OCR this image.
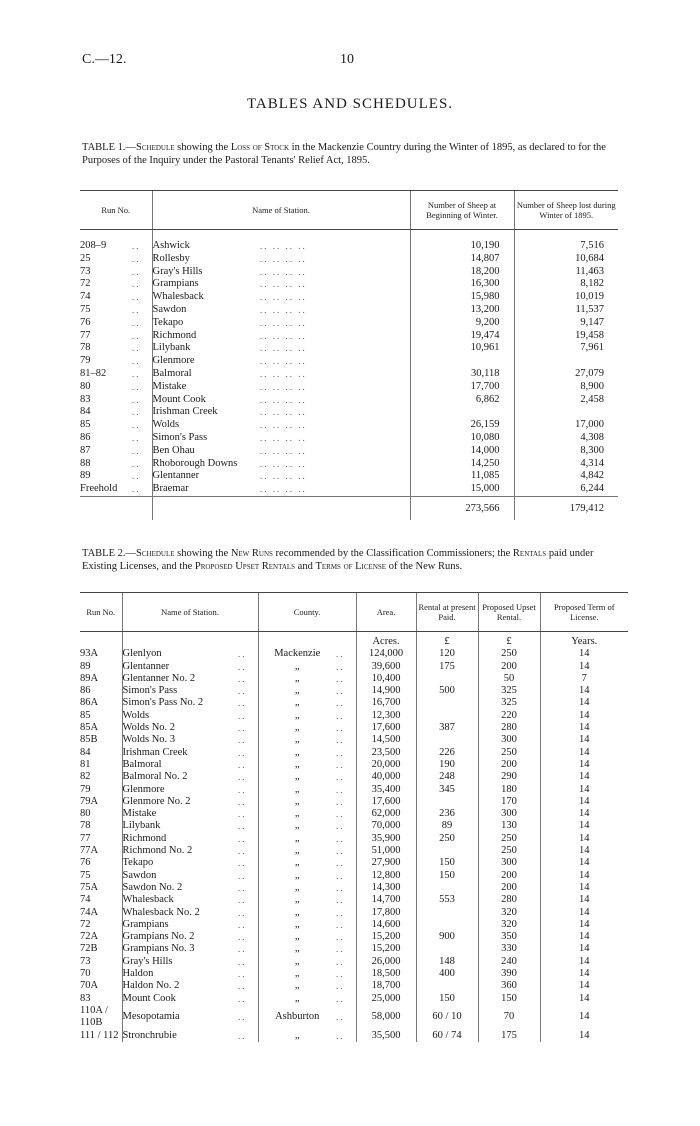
C.—12.	10
TABLES AND SCHEDULES.
TABLE 1.—Schedule showing the Loss of Stock in the Mackenzie Country during the Winter of 1895, as declared to for the Purposes of the Inquiry under the Pastoral Tenants' Relief Act, 1895.
Run No.		Name of Station.		Number of Sheep at Beginning of Winter.	Number of Sheep lost during Winter of 1895.

208–9	..	Ashwick	.. .. .. ..	10,190	7,516
25	..	Rollesby	.. .. .. ..	14,807	10,684
73	..	Gray's Hills	.. .. .. ..	18,200	11,463
72	..	Grampians	.. .. .. ..	16,300	8,182
74	..	Whalesback	.. .. .. ..	15,980	10,019
75	..	Sawdon	.. .. .. ..	13,200	11,537
76	..	Tekapo	.. .. .. ..	9,200	9,147
77	..	Richmond	.. .. .. ..	19,474	19,458
78	..	Lilybank	.. .. .. ..	10,961	7,961
79	..	Glenmore	.. .. .. ..		
81–82	..	Balmoral	.. .. .. ..	30,118	27,079
80	..	Mistake	.. .. .. ..	17,700	8,900
83	..	Mount Cook	.. .. .. ..	6,862	2,458
84	..	Irishman Creek	.. .. .. ..		
85	..	Wolds	.. .. .. ..	26,159	17,000
86	..	Simon's Pass	.. .. .. ..	10,080	4,308
87	..	Ben Ohau	.. .. .. ..	14,000	8,300
88	..	Rhoborough Downs	.. .. .. ..	14,250	4,314
89	..	Glentanner	.. .. .. ..	11,085	4,842
Freehold	..	Braemar	.. .. .. ..	15,000	6,244
				273,566	179,412
TABLE 2.—Schedule showing the New Runs recommended by the Classification Commissioners; the Rentals paid under Existing Licenses, and the Proposed Upset Rentals and Terms of License of the New Runs.
Run No.	Name of Station.		County.		Area.	Rental at present Paid.	Proposed Upset Rental.	Proposed Term of License.
					Acres.	£	£	Years.
93A	Glenlyon	..	Mackenzie	..	124,000	120	250	14
89	Glentanner	..	„	..	39,600	175	200	14
89A	Glentanner No. 2	..	„	..	10,400		50	7
86	Simon's Pass	..	„	..	14,900	500	325	14
86A	Simon's Pass No. 2	..	„	..	16,700		325	14
85	Wolds	..	„	..	12,300		220	14
85A	Wolds No. 2	..	„	..	17,600	387	280	14
85B	Wolds No. 3	..	„	..	14,500		300	14
84	Irishman Creek	..	„	..	23,500	226	250	14
81	Balmoral	..	„	..	20,000	190	200	14
82	Balmoral No. 2	..	„	..	40,000	248	290	14
79	Glenmore	..	„	..	35,400	345	180	14
79A	Glenmore No. 2	..	„	..	17,600		170	14
80	Mistake	..	„	..	62,000	236	300	14
78	Lilybank	..	„	..	70,000	89	130	14
77	Richmond	..	„	..	35,900	250	250	14
77A	Richmond No. 2	..	„	..	51,000		250	14
76	Tekapo	..	„	..	27,900	150	300	14
75	Sawdon	..	„	..	12,800	150	200	14
75A	Sawdon No. 2	..	„	..	14,300		200	14
74	Whalesback	..	„	..	14,700	553	280	14
74A	Whalesback No. 2	..	„	..	17,800		320	14
72	Grampians	..	„	..	14,600		320	14
72A	Grampians No. 2	..	„	..	15,200	900	350	14
72B	Grampians No. 3	..	„	..	15,200		330	14
73	Gray's Hills	..	„	..	26,000	148	240	14
70	Haldon	..	„	..	18,500	400	390	14
70A	Haldon No. 2	..	„	..	18,700		360	14
83	Mount Cook	..	„	..	25,000	150	150	14
110A / 110B	Mesopotamia	..	Ashburton	..	58,000	60 / 10	70	14
111 / 112	Stronchrubie	..	„	..	35,500	60 / 74	175	14
